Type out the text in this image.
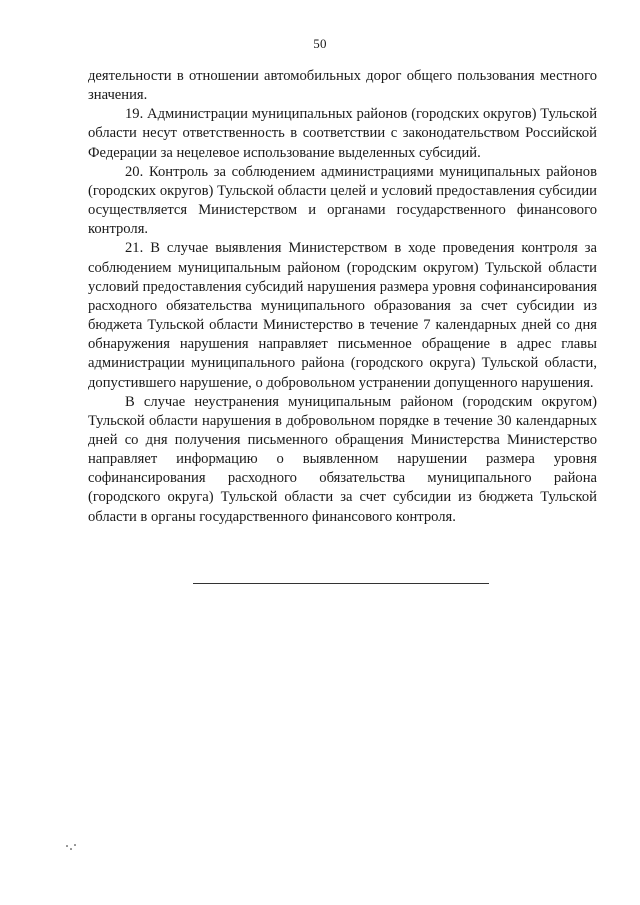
50

деятельности в отношении автомобильных дорог общего пользования местного значения.

19. Администрации муниципальных районов (городских округов) Тульской области несут ответственность в соответствии с законодательством Российской Федерации за нецелевое использование выделенных субсидий.

20. Контроль за соблюдением администрациями муниципальных районов (городских округов) Тульской области целей и условий предоставления субсидии осуществляется Министерством и органами государственного финансового контроля.

21. В случае выявления Министерством в ходе проведения контроля за соблюдением муниципальным районом (городским округом) Тульской области условий предоставления субсидий нарушения размера уровня софинансирования расходного обязательства муниципального образования за счет субсидии из бюджета Тульской области Министерство в течение 7 календарных дней со дня обнаружения нарушения направляет письменное обращение в адрес главы администрации муниципального района (городского округа) Тульской области, допустившего нарушение, о добровольном устранении допущенного нарушения.

В случае неустранения муниципальным районом (городским округом) Тульской области нарушения в добровольном порядке в течение 30 календарных дней со дня получения письменного обращения Министерства Министерство направляет информацию о выявленном нарушении размера уровня софинансирования расходного обязательства муниципального района (городского округа) Тульской области за счет субсидии из бюджета Тульской области в органы государственного финансового контроля.
